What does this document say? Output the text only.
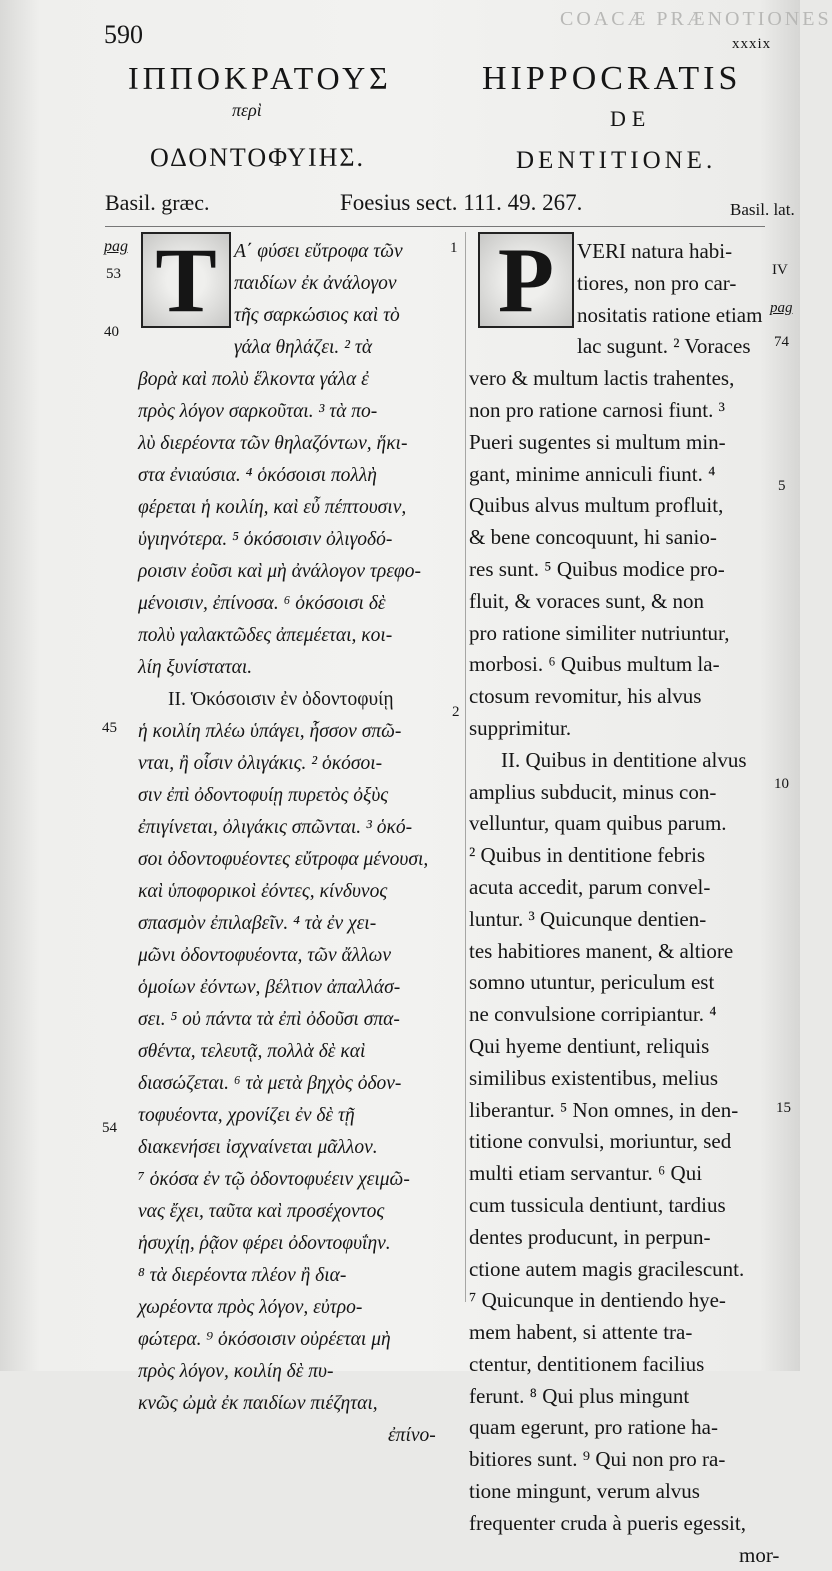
590
COACÆ PRÆNOTIONES
xxxix
ΙΠΠΟΚΡΑΤΟΥΣ	HIPPOCRATIS
περὶ	DE
ΟΔΟΝΤΟΦΥΙΗΣ.	DENTITIONE.
Basil. græc.	Foesius sect. 111. 49. 267.	Basil. lat.
Τ	P
Α΄ φύσει εὔτροφα τῶν
παιδίων ἐκ ἀνάλογον
τῆς σαρκώσιος καὶ τὸ
γάλα θηλάζει. ² τὰ
βορὰ καὶ πολὺ ἕλκοντα γάλα ἐ
πρὸς λόγον σαρκοῦται. ³ τὰ πο-
λὺ διερέοντα τῶν θηλαζόντων, ἥκι-
στα ἐνιαύσια. ⁴ ὁκόσοισι πολλὴ
φέρεται ἡ κοιλίη, καὶ εὖ πέπτουσιν,
ὑγιηνότερα. ⁵ ὁκόσοισιν ὀλιγοδό-
ροισιν ἐοῦσι καὶ μὴ ἀνάλογον τρεφο-
μένοισιν, ἐπίνοσα. ⁶ ὁκόσοισι δὲ
πολὺ γαλακτῶδες ἀπεμέεται, κοι-
λίη ξυνίσταται.
II. Ὁκόσοισιν ἐν ὀδοντοφυίῃ
ἡ κοιλίη πλέω ὑπάγει, ἧσσον σπῶ-
νται, ἢ οἷσιν ὀλιγάκις. ² ὁκόσοι-
σιν ἐπὶ ὀδοντοφυίῃ πυρετὸς ὀξὺς
ἐπιγίνεται, ὀλιγάκις σπῶνται. ³ ὁκό-
σοι ὀδοντοφυέοντες εὔτροφα μένουσι,
καὶ ὑποφορικοὶ ἐόντες, κίνδυνος
σπασμὸν ἐπιλαβεῖν. ⁴ τὰ ἐν χει-
μῶνι ὀδοντοφυέοντα, τῶν ἄλλων
ὁμοίων ἐόντων, βέλτιον ἀπαλλάσ-
σει. ⁵ οὐ πάντα τὰ ἐπὶ ὀδοῦσι σπα-
σθέντα, τελευτᾷ, πολλὰ δὲ καὶ
διασώζεται. ⁶ τὰ μετὰ βηχὸς ὀδον-
τοφυέοντα, χρονίζει ἐν δὲ τῇ
διακενήσει ἰσχναίνεται μᾶλλον.
⁷ ὁκόσα ἐν τῷ ὀδοντοφυέειν χειμῶ-
νας ἔχει, ταῦτα καὶ προσέχοντος
ἡσυχίῃ, ῥᾷον φέρει ὀδοντοφυΐην.
⁸ τὰ διερέοντα πλέον ἢ δια-
χωρέοντα πρὸς λόγον, εὐτρο-
φώτερα. ⁹ ὁκόσοισιν οὐρέεται μὴ
πρὸς λόγον, κοιλίη δὲ πυ-
κνῶς ὠμὰ ἐκ παιδίων πιέζηται,
ἐπίνο-
VERI natura habi-
tiores, non pro car-
nositatis ratione etiam
lac sugunt. ² Voraces
vero & multum lactis trahentes,
non pro ratione carnosi fiunt. ³
Pueri sugentes si multum min-
gant, minime anniculi fiunt. ⁴
Quibus alvus multum profluit,
& bene concoquunt, hi sanio-
res sunt. ⁵ Quibus modice pro-
fluit, & voraces sunt, & non
pro ratione similiter nutriuntur,
morbosi. ⁶ Quibus multum la-
ctosum revomitur, his alvus
supprimitur.
II. Quibus in dentitione alvus
amplius subducit, minus con-
velluntur, quam quibus parum.
² Quibus in dentitione febris
acuta accedit, parum convel-
luntur. ³ Quicunque dentien-
tes habitiores manent, & altiore
somno utuntur, periculum est
ne convulsione corripiantur. ⁴
Qui hyeme dentiunt, reliquis
similibus existentibus, melius
liberantur. ⁵ Non omnes, in den-
titione convulsi, moriuntur, sed
multi etiam servantur. ⁶ Qui
cum tussicula dentiunt, tardius
dentes producunt, in perpun-
ctione autem magis gracilescunt.
⁷ Quicunque in dentiendo hye-
mem habent, si attente tra-
ctentur, dentitionem facilius
ferunt. ⁸ Qui plus mingunt
quam egerunt, pro ratione ha-
bitiores sunt. ⁹ Qui non pro ra-
tione mingunt, verum alvus
frequenter cruda à pueris egessit,
mor-
pag
53
40
45
54
1
2
IV
pag
74
5
10
15
